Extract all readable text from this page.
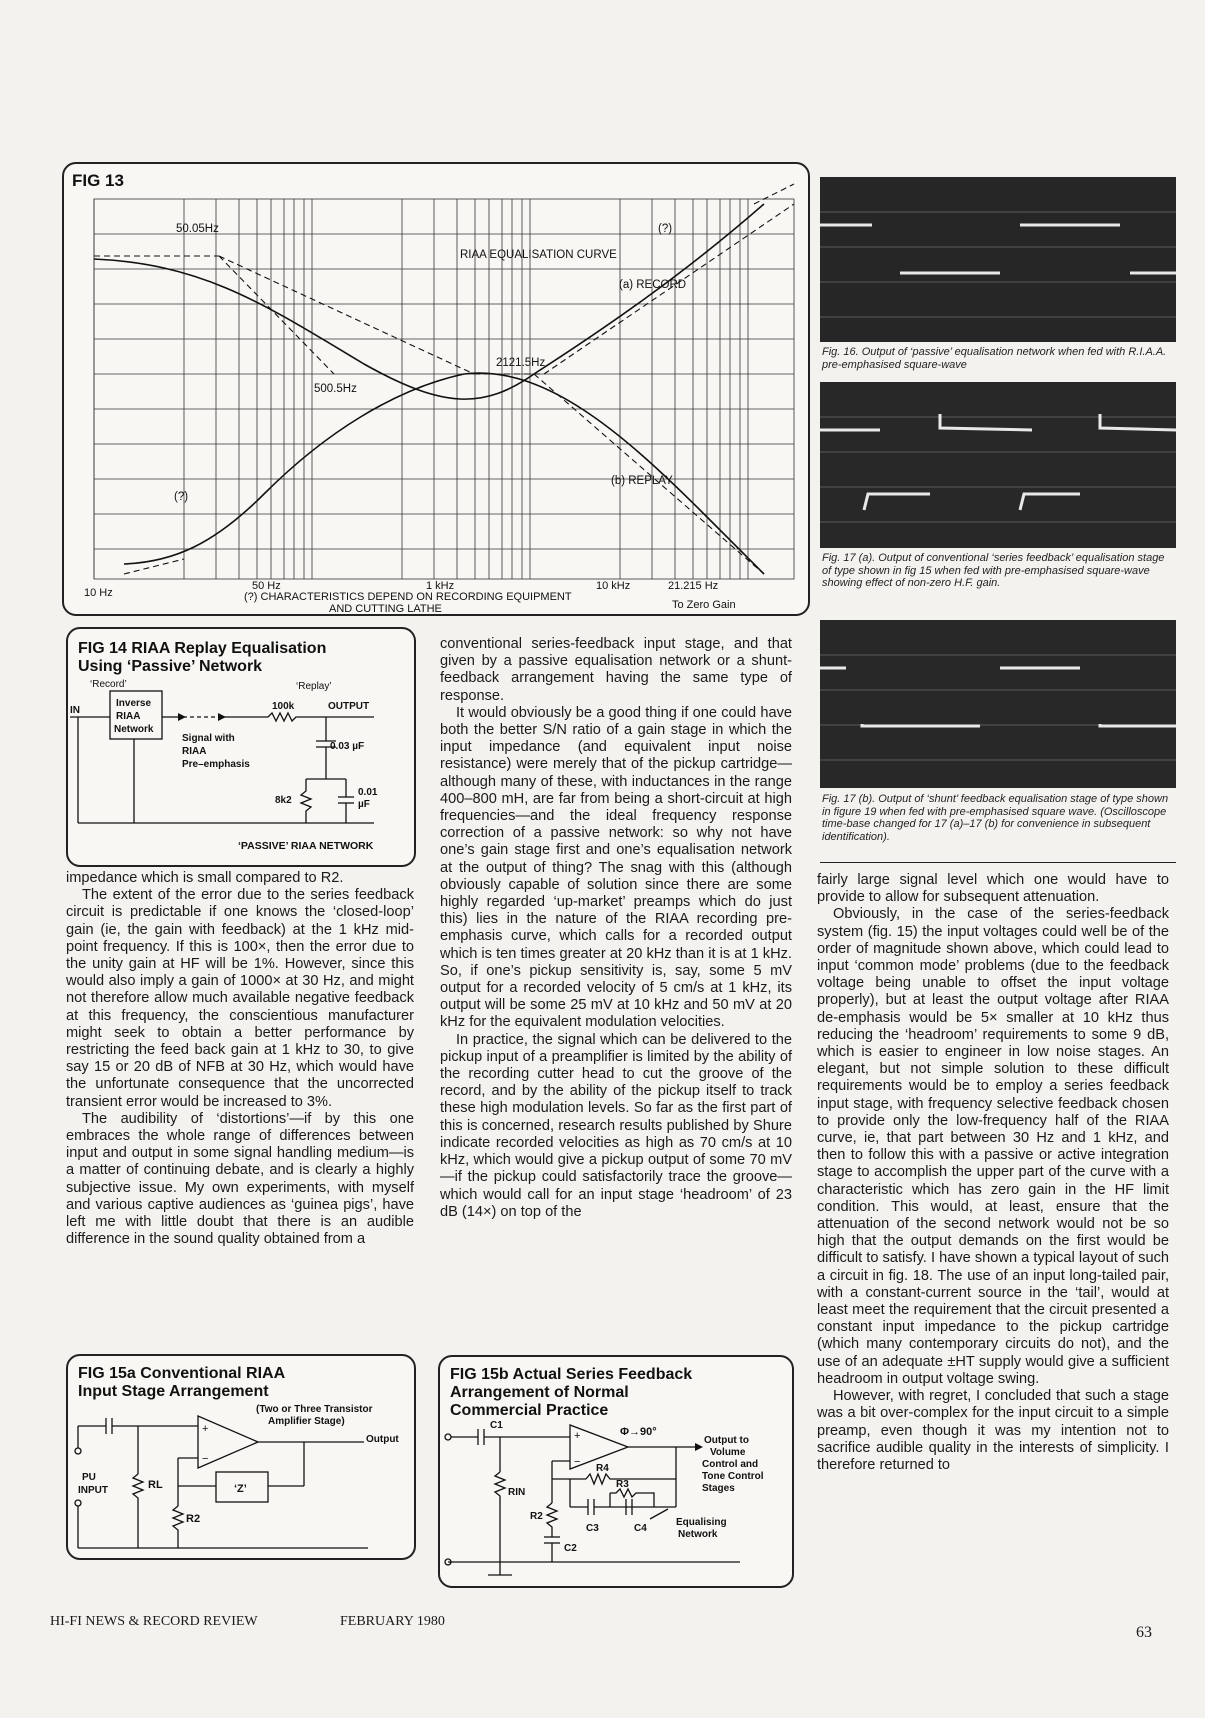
FIG 13
50.05Hz
500.5Hz
2121.5Hz
(?)
(?)
RIAA EQUALISATION CURVE
(a) RECORD
(b) REPLAY
10 Hz
50 Hz	1 kHz	10 kHz	21.215 Hz
(?) CHARACTERISTICS DEPEND ON RECORDING EQUIPMENT
AND CUTTING LATHE	To Zero Gain
FIG 14 RIAA Replay Equalisation
Using ‘Passive’ Network
‘Record’	‘Replay’
IN
Inverse
RIAA
Network
100k	OUTPUT
Signal with
RIAA
Pre–emphasis
0.03 µF
8k2
0.01
µF
‘PASSIVE’ RIAA NETWORK
Fig. 16. Output of ‘passive’ equalisation network when fed with R.I.A.A. pre-emphasised square-wave
Fig. 17 (a). Output of conventional ‘series feedback’ equalisation stage of type shown in fig 15 when fed with pre-emphasised square-wave showing effect of non-zero H.F. gain.
Fig. 17 (b). Output of ‘shunt’ feedback equalisation stage of type shown in figure 19 when fed with pre-emphasised square wave. (Oscilloscope time-base changed for 17 (a)–17 (b) for convenience in subsequent identification).

impedance which is small compared to R2.

The extent of the error due to the series feedback circuit is predictable if one knows the ‘closed-loop’ gain (ie, the gain with feedback) at the 1 kHz mid-point frequency. If this is 100×, then the error due to the unity gain at HF will be 1%. However, since this would also imply a gain of 1000× at 30 Hz, and might not therefore allow much available negative feedback at this frequency, the conscientious manufacturer might seek to obtain a better performance by restricting the feed back gain at 1 kHz to 30, to give say 15 or 20 dB of NFB at 30 Hz, which would have the unfortunate consequence that the uncorrected transient error would be increased to 3%.

The audibility of ‘distortions’—if by this one embraces the whole range of differences between input and output in some signal handling medium—is a matter of continuing debate, and is clearly a highly subjective issue. My own experiments, with myself and various captive audiences as ‘guinea pigs’, have left me with little doubt that there is an audible difference in the sound quality obtained from a

conventional series-feedback input stage, and that given by a passive equalisation network or a shunt-feedback arrangement having the same type of response.

It would obviously be a good thing if one could have both the better S/N ratio of a gain stage in which the input impedance (and equivalent input noise resistance) were merely that of the pickup cartridge—although many of these, with inductances in the range 400–800 mH, are far from being a short-circuit at high frequencies—and the ideal frequency response correction of a passive network: so why not have one’s gain stage first and one’s equalisation network at the output of thing? The snag with this (although obviously capable of solution since there are some highly regarded ‘up-market’ preamps which do just this) lies in the nature of the RIAA recording pre-emphasis curve, which calls for a recorded output which is ten times greater at 20 kHz than it is at 1 kHz. So, if one’s pickup sensitivity is, say, some 5 mV output for a recorded velocity of 5 cm/s at 1 kHz, its output will be some 25 mV at 10 kHz and 50 mV at 20 kHz for the equivalent modulation velocities.

In practice, the signal which can be delivered to the pickup input of a preamplifier is limited by the ability of the recording cutter head to cut the groove of the record, and by the ability of the pickup itself to track these high modulation levels. So far as the first part of this is concerned, research results published by Shure indicate recorded velocities as high as 70 cm/s at 10 kHz, which would give a pickup output of some 70 mV—if the pickup could satisfactorily trace the groove—which would call for an input stage ‘headroom’ of 23 dB (14×) on top of the

fairly large signal level which one would have to provide to allow for subsequent attenuation.

Obviously, in the case of the series-feedback system (fig. 15) the input voltages could well be of the order of magnitude shown above, which could lead to input ‘common mode’ problems (due to the feedback voltage being unable to offset the input voltage properly), but at least the output voltage after RIAA de-emphasis would be 5× smaller at 10 kHz thus reducing the ‘headroom’ requirements to some 9 dB, which is easier to engineer in low noise stages. An elegant, but not simple solution to these difficult requirements would be to employ a series feedback input stage, with frequency selective feedback chosen to provide only the low-frequency half of the RIAA curve, ie, that part between 30 Hz and 1 kHz, and then to follow this with a passive or active integration stage to accomplish the upper part of the curve with a characteristic which has zero gain in the HF limit condition. This would, at least, ensure that the attenuation of the second network would not be so high that the output demands on the first would be difficult to satisfy. I have shown a typical layout of such a circuit in fig. 18. The use of an input long-tailed pair, with a constant-current source in the ‘tail’, would at least meet the requirement that the circuit presented a constant input impedance to the pickup cartridge (which many contemporary circuits do not), and the use of an adequate ±HT supply would give a sufficient headroom in output voltage swing.

However, with regret, I concluded that such a stage was a bit over-complex for the input circuit to a simple preamp, even though it was my intention not to sacrifice audible quality in the interests of simplicity. I therefore returned to

FIG 15a Conventional RIAA
Input Stage Arrangement
(Two or Three Transistor
Amplifier Stage)
Output
+
−
PU
INPUT	RL	‘Z’
R2
FIG 15b Actual Series Feedback
Arrangement of Normal
Commercial Practice
C1
Φ→90°
+
−
Output to
Volume
Control and
Tone Control
Stages
RIN
R2
R3
R4
C2
C3	C4
Equalising
Network
HI-FI NEWS & RECORD REVIEW	FEBRUARY 1980
63
